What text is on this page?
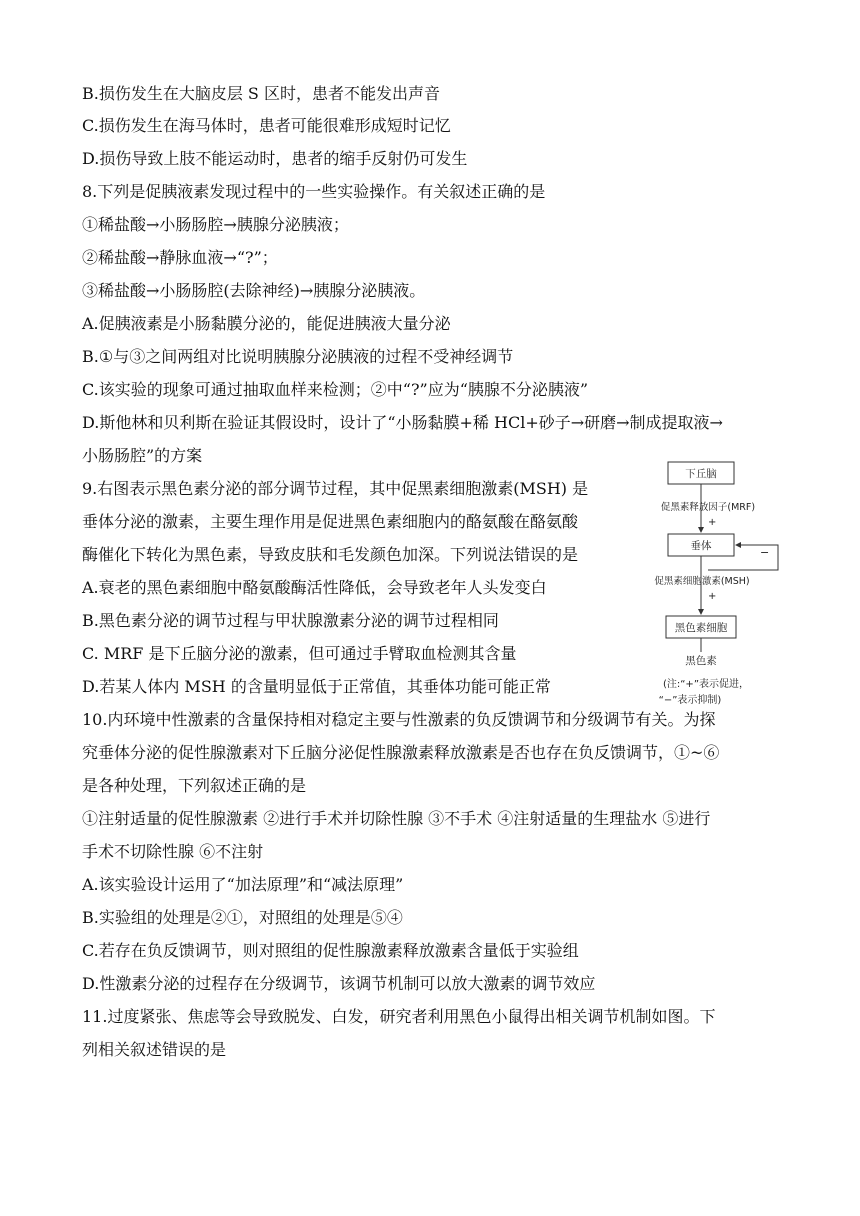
B.损伤发生在大脑皮层 S 区时，患者不能发出声音
C.损伤发生在海马体时，患者可能很难形成短时记忆
D.损伤导致上肢不能运动时，患者的缩手反射仍可发生
8.下列是促胰液素发现过程中的一些实验操作。有关叙述正确的是
①稀盐酸→小肠肠腔→胰腺分泌胰液；
②稀盐酸→静脉血液→“?”；
③稀盐酸→小肠肠腔(去除神经)→胰腺分泌胰液。
A.促胰液素是小肠黏膜分泌的，能促进胰液大量分泌
B.①与③之间两组对比说明胰腺分泌胰液的过程不受神经调节
C.该实验的现象可通过抽取血样来检测；②中“?”应为“胰腺不分泌胰液”
D.斯他林和贝利斯在验证其假设时，设计了“小肠黏膜+稀 HCl+砂子→研磨→制成提取液→
小肠肠腔”的方案
9.右图表示黑色素分泌的部分调节过程，其中促黑素细胞激素(MSH) 是
垂体分泌的激素，主要生理作用是促进黑色素细胞内的酪氨酸在酪氨酸
酶催化下转化为黑色素，导致皮肤和毛发颜色加深。下列说法错误的是
A.衰老的黑色素细胞中酪氨酸酶活性降低，会导致老年人头发变白
B.黑色素分泌的调节过程与甲状腺激素分泌的调节过程相同
C. MRF 是下丘脑分泌的激素，但可通过手臂取血检测其含量
D.若某人体内 MSH 的含量明显低于正常值，其垂体功能可能正常
10.内环境中性激素的含量保持相对稳定主要与性激素的负反馈调节和分级调节有关。为探
究垂体分泌的促性腺激素对下丘脑分泌促性腺激素释放激素是否也存在负反馈调节，①~⑥
是各种处理，下列叙述正确的是
①注射适量的促性腺激素 ②进行手术并切除性腺 ③不手术 ④注射适量的生理盐水 ⑤进行
手术不切除性腺 ⑥不注射
A.该实验设计运用了“加法原理”和“减法原理”
B.实验组的处理是②①，对照组的处理是⑤④
C.若存在负反馈调节，则对照组的促性腺激素释放激素含量低于实验组
D.性激素分泌的过程存在分级调节，该调节机制可以放大激素的调节效应
11.过度紧张、焦虑等会导致脱发、白发，研究者利用黑色小鼠得出相关调节机制如图。下
列相关叙述错误的是
下丘脑
促黑素释放因子(MRF)
+
垂体
促黑素细胞激素(MSH)
+
−
黑色素细胞
黑色素
(注:“+”表示促进，
“−”表示抑制)
